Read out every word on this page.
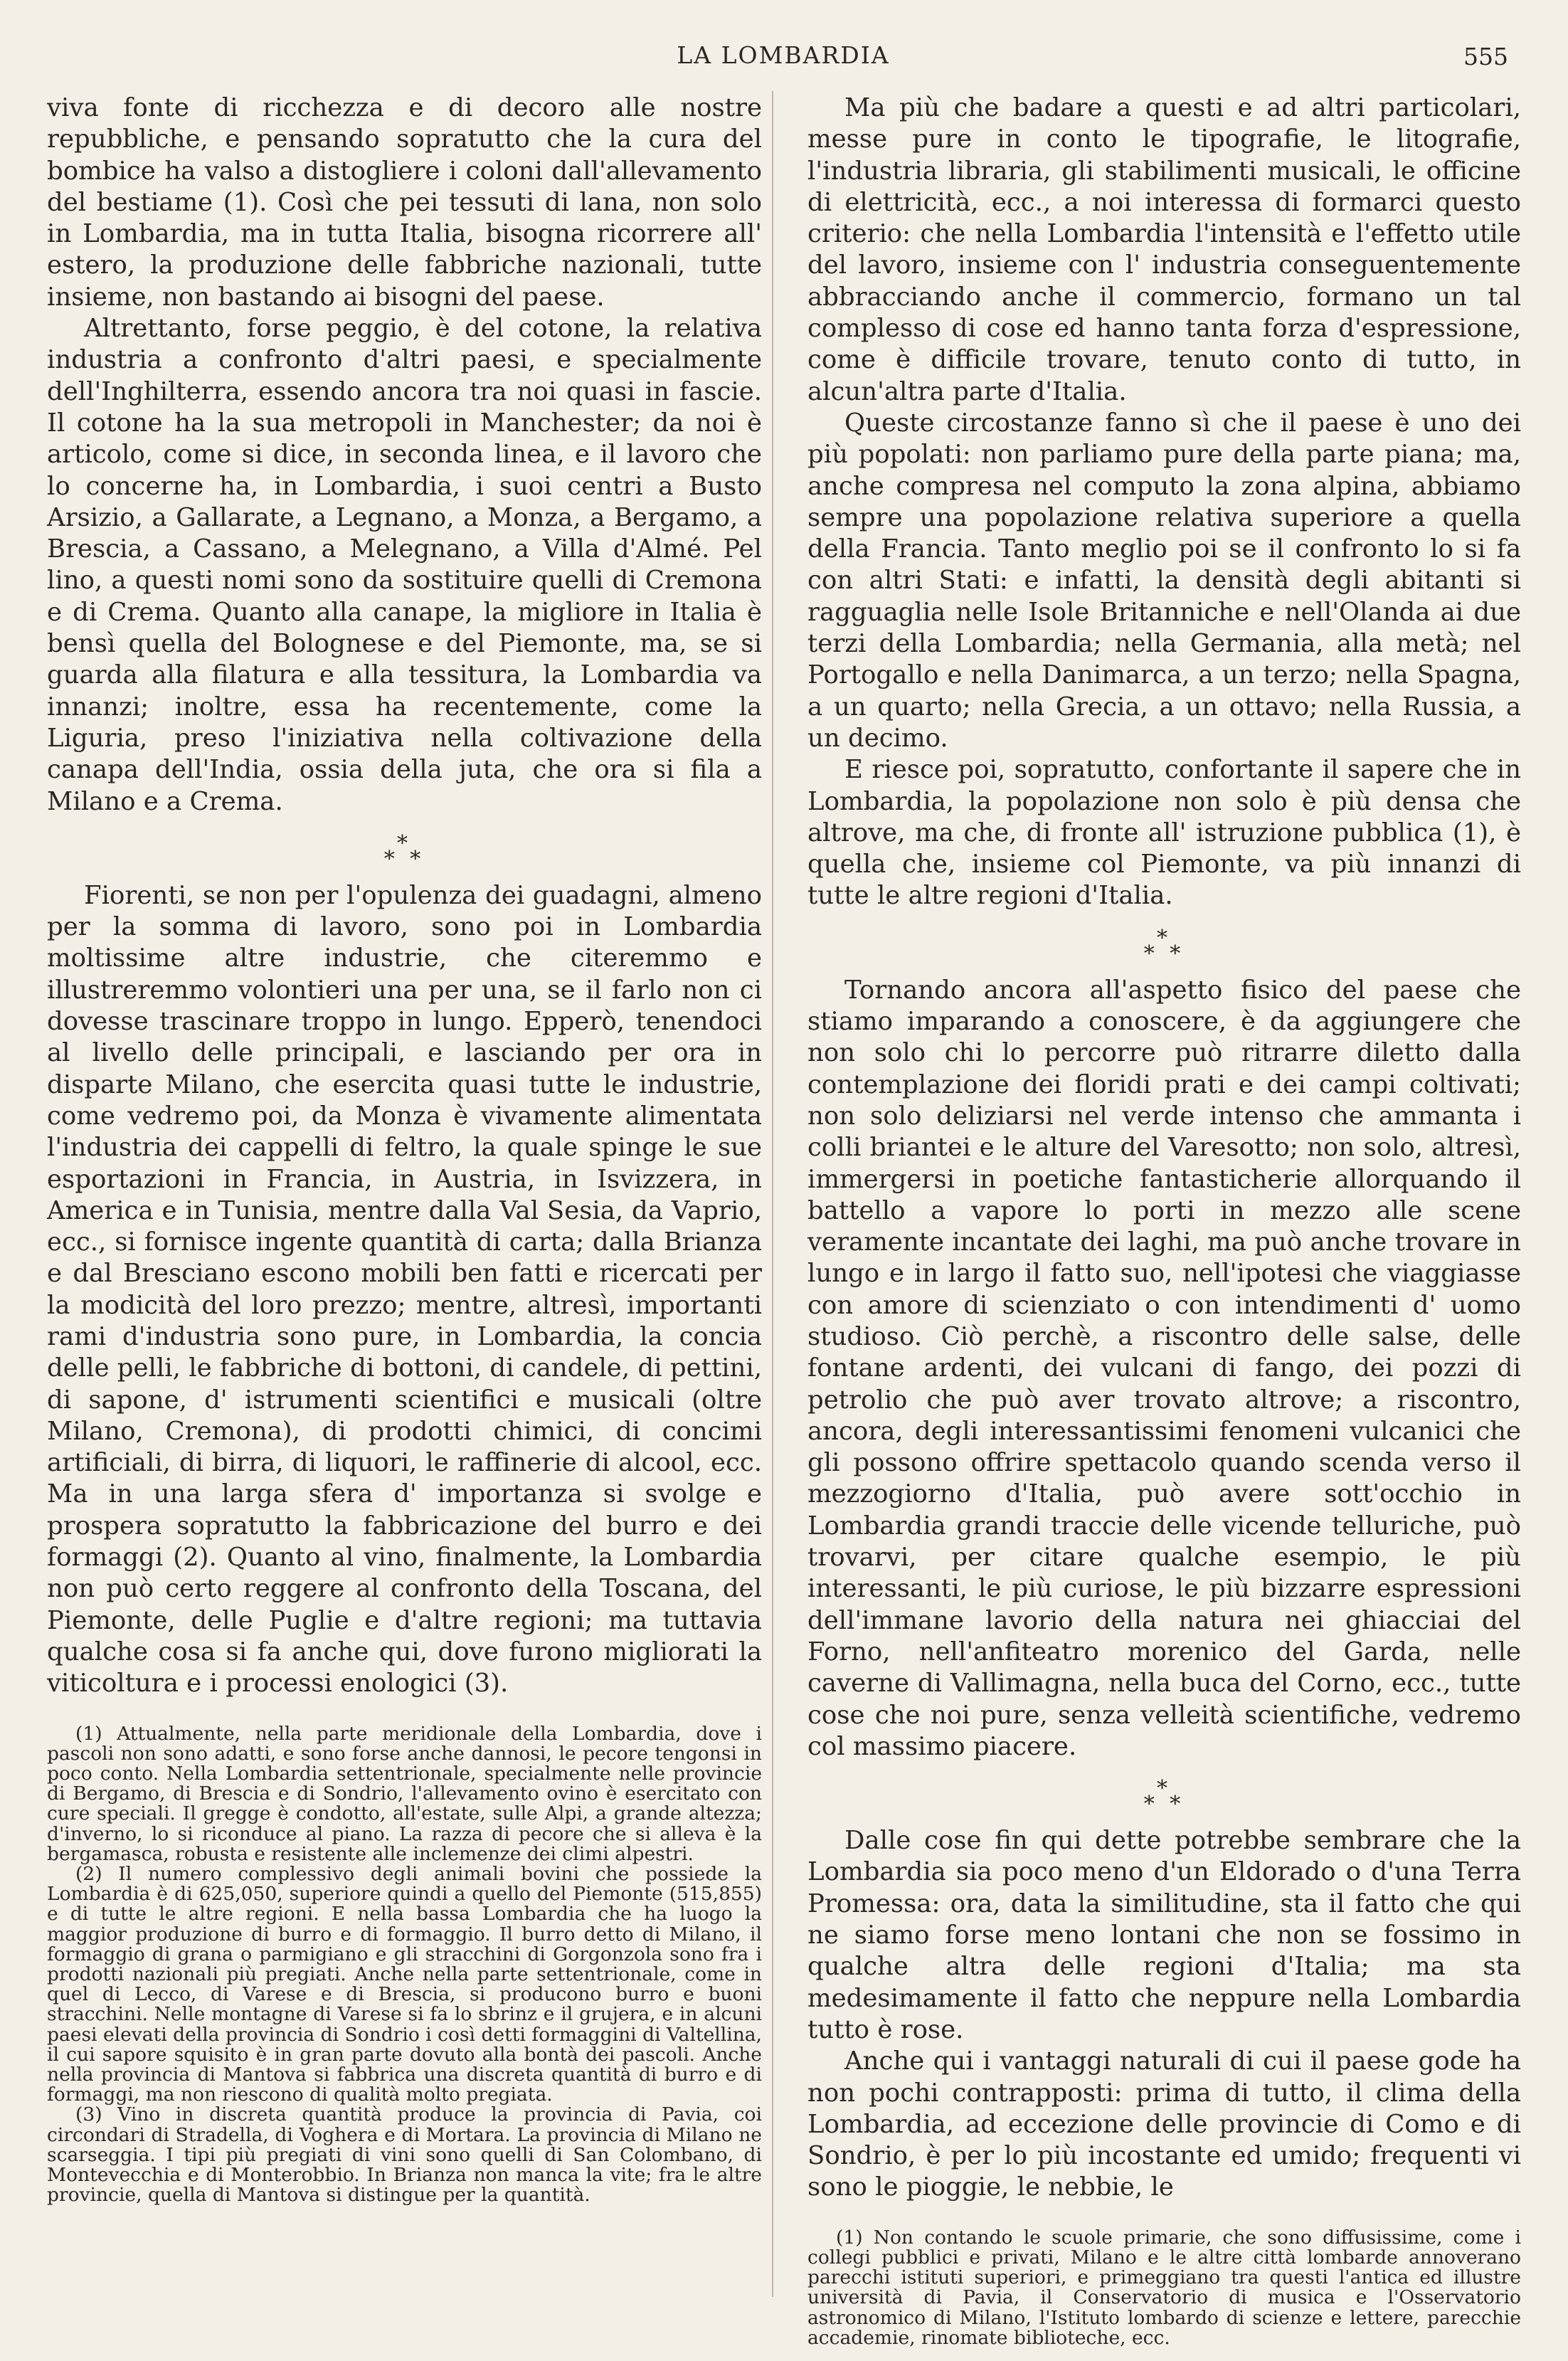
LA LOMBARDIA	555

viva fonte di ricchezza e di decoro alle nostre repubbliche, e pensando sopratutto che la cura del bombice ha valso a distogliere i coloni dall'allevamento del bestiame (1). Così che pei tessuti di lana, non solo in Lombardia, ma in tutta Italia, bisogna ricorrere all' estero, la produzione delle fabbriche nazionali, tutte insieme, non bastando ai bisogni del paese.

Altrettanto, forse peggio, è del cotone, la relativa industria a confronto d'altri paesi, e specialmente dell'Inghilterra, essendo ancora tra noi quasi in fascie. Il cotone ha la sua metropoli in Manchester; da noi è articolo, come si dice, in seconda linea, e il lavoro che lo concerne ha, in Lombardia, i suoi centri a Busto Arsizio, a Gallarate, a Legnano, a Monza, a Bergamo, a Brescia, a Cassano, a Melegnano, a Villa d'Almé. Pel lino, a questi nomi sono da sostituire quelli di Cremona e di Crema. Quanto alla canape, la migliore in Italia è bensì quella del Bolognese e del Piemonte, ma, se si guarda alla filatura e alla tessitura, la Lombardia va innanzi; inoltre, essa ha recentemente, come la Liguria, preso l'iniziativa nella coltivazione della canapa dell'India, ossia della juta, che ora si fila a Milano e a Crema.

*
* *

Fiorenti, se non per l'opulenza dei guadagni, almeno per la somma di lavoro, sono poi in Lombardia moltissime altre industrie, che citeremmo e illustreremmo volontieri una per una, se il farlo non ci dovesse trascinare troppo in lungo. Epperò, tenendoci al livello delle principali, e lasciando per ora in disparte Milano, che esercita quasi tutte le industrie, come vedremo poi, da Monza è vivamente alimentata l'industria dei cappelli di feltro, la quale spinge le sue esportazioni in Francia, in Austria, in Isvizzera, in America e in Tunisia, mentre dalla Val Sesia, da Vaprio, ecc., si fornisce ingente quantità di carta; dalla Brianza e dal Bresciano escono mobili ben fatti e ricercati per la modicità del loro prezzo; mentre, altresì, importanti rami d'industria sono pure, in Lombardia, la concia delle pelli, le fabbriche di bottoni, di candele, di pettini, di sapone, d' istrumenti scientifici e musicali (oltre Milano, Cremona), di prodotti chimici, di concimi artificiali, di birra, di liquori, le raffinerie di alcool, ecc. Ma in una larga sfera d' importanza si svolge e prospera sopratutto la fabbricazione del burro e dei formaggi (2). Quanto al vino, finalmente, la Lombardia non può certo reggere al confronto della Toscana, del Piemonte, delle Puglie e d'altre regioni; ma tuttavia qualche cosa si fa anche qui, dove furono migliorati la viticoltura e i processi enologici (3).

(1) Attualmente, nella parte meridionale della Lombardia, dove i pascoli non sono adatti, e sono forse anche dannosi, le pecore tengonsi in poco conto. Nella Lombardia settentrionale, specialmente nelle provincie di Bergamo, di Brescia e di Sondrio, l'allevamento ovino è esercitato con cure speciali. Il gregge è condotto, all'estate, sulle Alpi, a grande altezza; d'inverno, lo si riconduce al piano. La razza di pecore che si alleva è la bergamasca, robusta e resistente alle inclemenze dei climi alpestri.

(2) Il numero complessivo degli animali bovini che possiede la Lombardia è di 625,050, superiore quindi a quello del Piemonte (515,855) e di tutte le altre regioni. E nella bassa Lombardia che ha luogo la maggior produzione di burro e di formaggio. Il burro detto di Milano, il formaggio di grana o parmigiano e gli stracchini di Gorgonzola sono fra i prodotti nazionali più pregiati. Anche nella parte settentrionale, come in quel di Lecco, di Varese e di Brescia, si producono burro e buoni stracchini. Nelle montagne di Varese si fa lo sbrinz e il grujera, e in alcuni paesi elevati della provincia di Sondrio i così detti formaggini di Valtellina, il cui sapore squisito è in gran parte dovuto alla bontà dei pascoli. Anche nella provincia di Mantova si fabbrica una discreta quantità di burro e di formaggi, ma non riescono di qualità molto pregiata.

(3) Vino in discreta quantità produce la provincia di Pavia, coi circondari di Stradella, di Voghera e di Mortara. La provincia di Milano ne scarseggia. I tipi più pregiati di vini sono quelli di San Colombano, di Montevecchia e di Monterobbio. In Brianza non manca la vite; fra le altre provincie, quella di Mantova si distingue per la quantità.

Ma più che badare a questi e ad altri particolari, messe pure in conto le tipografie, le litografie, l'industria libraria, gli stabilimenti musicali, le officine di elettricità, ecc., a noi interessa di formarci questo criterio: che nella Lombardia l'intensità e l'effetto utile del lavoro, insieme con l' industria conseguentemente abbracciando anche il commercio, formano un tal complesso di cose ed hanno tanta forza d'espressione, come è difficile trovare, tenuto conto di tutto, in alcun'altra parte d'Italia.

Queste circostanze fanno sì che il paese è uno dei più popolati: non parliamo pure della parte piana; ma, anche compresa nel computo la zona alpina, abbiamo sempre una popolazione relativa superiore a quella della Francia. Tanto meglio poi se il confronto lo si fa con altri Stati: e infatti, la densità degli abitanti si ragguaglia nelle Isole Britanniche e nell'Olanda ai due terzi della Lombardia; nella Germania, alla metà; nel Portogallo e nella Danimarca, a un terzo; nella Spagna, a un quarto; nella Grecia, a un ottavo; nella Russia, a un decimo.

E riesce poi, sopratutto, confortante il sapere che in Lombardia, la popolazione non solo è più densa che altrove, ma che, di fronte all' istruzione pubblica (1), è quella che, insieme col Piemonte, va più innanzi di tutte le altre regioni d'Italia.

*
* *

Tornando ancora all'aspetto fisico del paese che stiamo imparando a conoscere, è da aggiungere che non solo chi lo percorre può ritrarre diletto dalla contemplazione dei floridi prati e dei campi coltivati; non solo deliziarsi nel verde intenso che ammanta i colli briantei e le alture del Varesotto; non solo, altresì, immergersi in poetiche fantasticherie allorquando il battello a vapore lo porti in mezzo alle scene veramente incantate dei laghi, ma può anche trovare in lungo e in largo il fatto suo, nell'ipotesi che viaggiasse con amore di scienziato o con intendimenti d' uomo studioso. Ciò perchè, a riscontro delle salse, delle fontane ardenti, dei vulcani di fango, dei pozzi di petrolio che può aver trovato altrove; a riscontro, ancora, degli interessantissimi fenomeni vulcanici che gli possono offrire spettacolo quando scenda verso il mezzogiorno d'Italia, può avere sott'occhio in Lombardia grandi traccie delle vicende telluriche, può trovarvi, per citare qualche esempio, le più interessanti, le più curiose, le più bizzarre espressioni dell'immane lavorio della natura nei ghiacciai del Forno, nell'anfiteatro morenico del Garda, nelle caverne di Vallimagna, nella buca del Corno, ecc., tutte cose che noi pure, senza velleità scientifiche, vedremo col massimo piacere.

*
* *

Dalle cose fin qui dette potrebbe sembrare che la Lombardia sia poco meno d'un Eldorado o d'una Terra Promessa: ora, data la similitudine, sta il fatto che qui ne siamo forse meno lontani che non se fossimo in qualche altra delle regioni d'Italia; ma sta medesimamente il fatto che neppure nella Lombardia tutto è rose.

Anche qui i vantaggi naturali di cui il paese gode ha non pochi contrapposti: prima di tutto, il clima della Lombardia, ad eccezione delle provincie di Como e di Sondrio, è per lo più incostante ed umido; frequenti vi sono le pioggie, le nebbie, le

(1) Non contando le scuole primarie, che sono diffusissime, come i collegi pubblici e privati, Milano e le altre città lombarde annoverano parecchi istituti superiori, e primeggiano tra questi l'antica ed illustre università di Pavia, il Conservatorio di musica e l'Osservatorio astronomico di Milano, l'Istituto lombardo di scienze e lettere, parecchie accademie, rinomate biblioteche, ecc.
